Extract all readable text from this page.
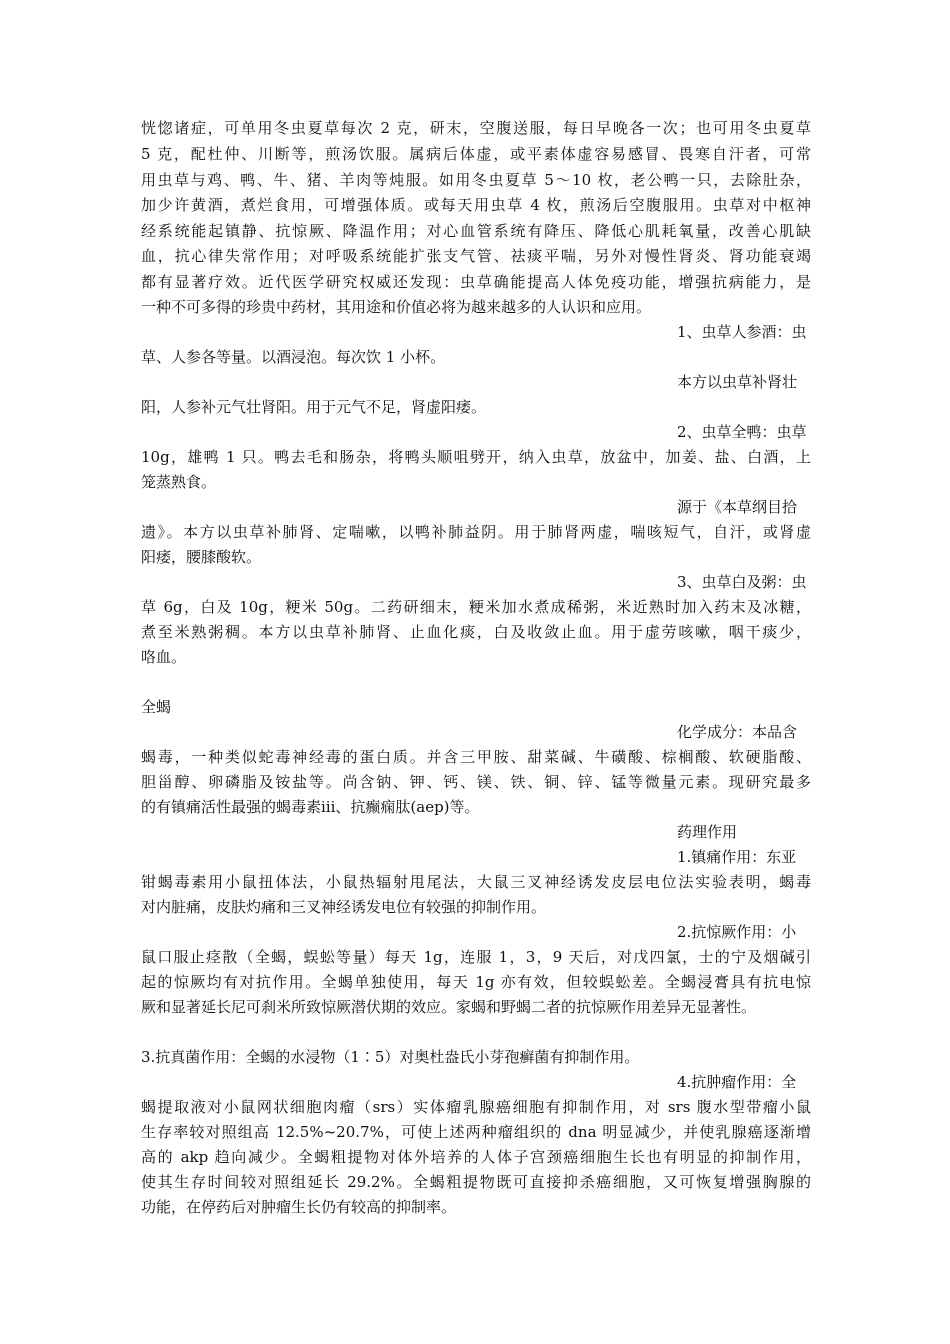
恍惚诸症，可单用冬虫夏草每次 2 克，研末，空腹送服，每日早晚各一次；也可用冬虫夏草
5 克，配杜仲、川断等，煎汤饮服。属病后体虚，或平素体虚容易感冒、畏寒自汗者，可常
用虫草与鸡、鸭、牛、猪、羊肉等炖服。如用冬虫夏草 5～10 枚，老公鸭一只，去除肚杂，
加少许黄酒，煮烂食用，可增强体质。或每天用虫草 4 枚，煎汤后空腹服用。虫草对中枢神
经系统能起镇静、抗惊厥、降温作用；对心血管系统有降压、降低心肌耗氧量，改善心肌缺
血，抗心律失常作用；对呼吸系统能扩张支气管、祛痰平喘，另外对慢性肾炎、肾功能衰竭
都有显著疗效。近代医学研究权威还发现：虫草确能提高人体免疫功能，增强抗病能力，是
一种不可多得的珍贵中药材，其用途和价值必将为越来越多的人认识和应用。
1、虫草人参酒：虫
草、人参各等量。以酒浸泡。每次饮 1 小杯。
本方以虫草补肾壮
阳，人参补元气壮肾阳。用于元气不足，肾虚阳痿。
2、虫草全鸭：虫草
10g，雄鸭 1 只。鸭去毛和肠杂，将鸭头顺咀劈开，纳入虫草，放盆中，加姜、盐、白酒，上
笼蒸熟食。
源于《本草纲目拾
遗》。本方以虫草补肺肾、定喘嗽，以鸭补肺益阴。用于肺肾两虚，喘咳短气，自汗，或肾虚
阳痿，腰膝酸软。
3、虫草白及粥：虫
草 6g，白及 10g，粳米 50g。二药研细末，粳米加水煮成稀粥，米近熟时加入药末及冰糖，
煮至米熟粥稠。本方以虫草补肺肾、止血化痰，白及收敛止血。用于虚劳咳嗽，咽干痰少，
咯血。
全蝎
化学成分：本品含
蝎毒，一种类似蛇毒神经毒的蛋白质。并含三甲胺、甜菜碱、牛磺酸、棕榈酸、软硬脂酸、
胆甾醇、卵磷脂及铵盐等。尚含钠、钾、钙、镁、铁、铜、锌、锰等微量元素。现研究最多
的有镇痛活性最强的蝎毒素ⅲ、抗癫痫肽(aep)等。
药理作用
1.镇痛作用：东亚
钳蝎毒素用小鼠扭体法，小鼠热辐射甩尾法，大鼠三叉神经诱发皮层电位法实验表明，蝎毒
对内脏痛，皮肤灼痛和三叉神经诱发电位有较强的抑制作用。
2.抗惊厥作用：小
鼠口服止痉散（全蝎，蜈蚣等量）每天 1g，连服 1，3，9 天后，对戊四氯，士的宁及烟碱引
起的惊厥均有对抗作用。全蝎单独使用，每天 1g 亦有效，但较蜈蚣差。全蝎浸膏具有抗电惊
厥和显著延长尼可刹米所致惊厥潜伏期的效应。家蝎和野蝎二者的抗惊厥作用差异无显著性。
3.抗真菌作用：全蝎的水浸物（1∶5）对奥杜盎氏小芽孢癣菌有抑制作用。
4.抗肿瘤作用：全
蝎提取液对小鼠网状细胞肉瘤（srs）实体瘤乳腺癌细胞有抑制作用，对 srs 腹水型带瘤小鼠
生存率较对照组高 12.5%~20.7%，可使上述两种瘤组织的 dna 明显减少，并使乳腺癌逐渐增
高的 akp 趋向减少。全蝎粗提物对体外培养的人体子宫颈癌细胞生长也有明显的抑制作用，
使其生存时间较对照组延长 29.2%。全蝎粗提物既可直接抑杀癌细胞，又可恢复增强胸腺的
功能，在停药后对肿瘤生长仍有较高的抑制率。
